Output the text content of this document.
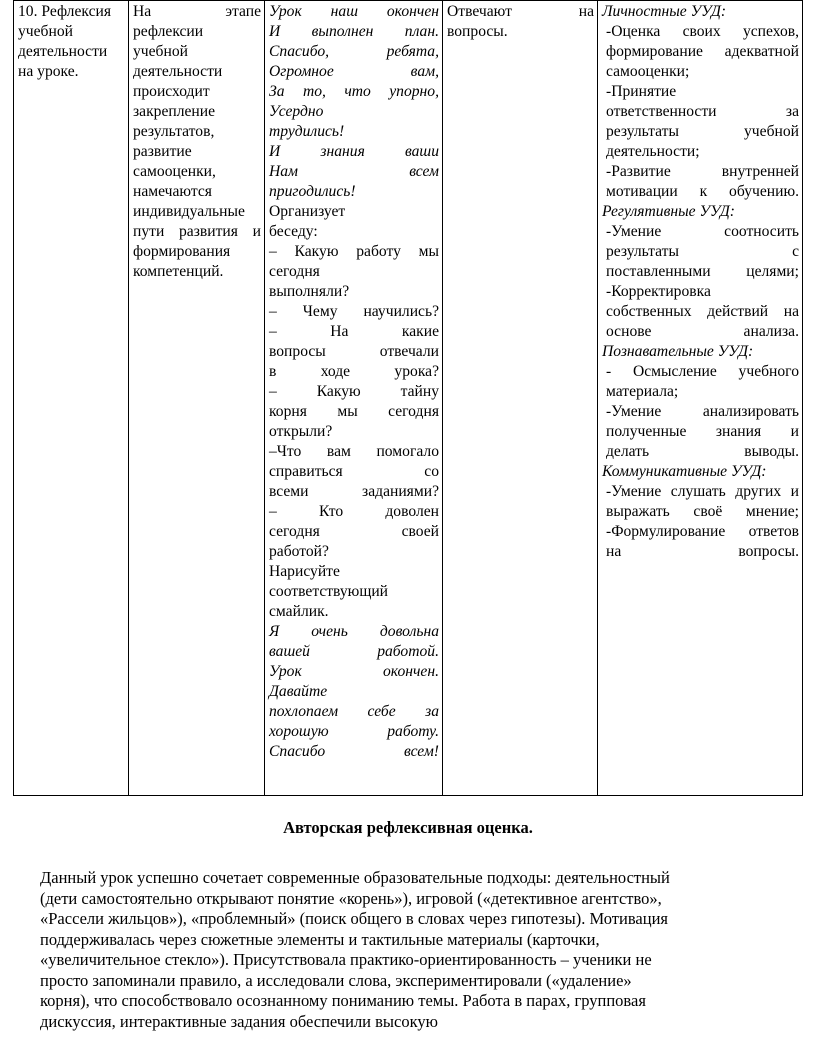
10. Рефлексия
учебной
деятельности
на уроке.

На этапе
рефлексии
учебной
деятельности
происходит
закрепление
результатов,
развитие
самооценки,
намечаются
индивидуальные
пути развития и
формирования
компетенций.

Урок наш окончен
И выполнен план.
Спасибо, ребята,
Огромное вам,
За то, что упорно,
Усердно
трудились!
И знания ваши
Нам всем
пригодились!
Организует
беседу:
– Какую работу мы
сегодня
выполняли?
– Чему научились?
– На какие
вопросы отвечали
в ходе урока?
– Какую тайну
корня мы сегодня
открыли?
–Что вам помогало
справиться со
всеми заданиями?
– Кто доволен
сегодня своей
работой?
Нарисуйте
соответствующий
смайлик.
Я очень довольна
вашей работой.
Урок окончен.
Давайте
похлопаем себе за
хорошую работу.
Спасибо всем!

Отвечают на
вопросы.

Личностные УУД:
-Оценка своих успехов,
формирование адекватной
самооценки;
-Принятие
ответственности за
результаты учебной
деятельности;
-Развитие внутренней
мотивации к обучению.
Регулятивные УУД:
-Умение соотносить
результаты с
поставленными целями;
-Корректировка
собственных действий на
основе анализа.
Познавательные УУД:
- Осмысление учебного
материала;
-Умение анализировать
полученные знания и
делать выводы.
Коммуникативные УУД:
-Умение слушать других и
выражать своё мнение;
-Формулирование ответов
на вопросы.
Авторская рефлексивная оценка.
Данный урок успешно сочетает современные образовательные подходы: деятельностный
(дети самостоятельно открывают понятие «корень»), игровой («детективное агентство»,
«Рассели жильцов»), «проблемный» (поиск общего в словах через гипотезы). Мотивация
поддерживалась через сюжетные элементы и тактильные материалы (карточки,
«увеличительное стекло»). Присутствовала практико-ориентированность – ученики не
просто запоминали правило, а исследовали слова, экспериментировали («удаление»
корня), что способствовало осознанному пониманию темы. Работа в парах, групповая
дискуссия, интерактивные задания обеспечили высокую
